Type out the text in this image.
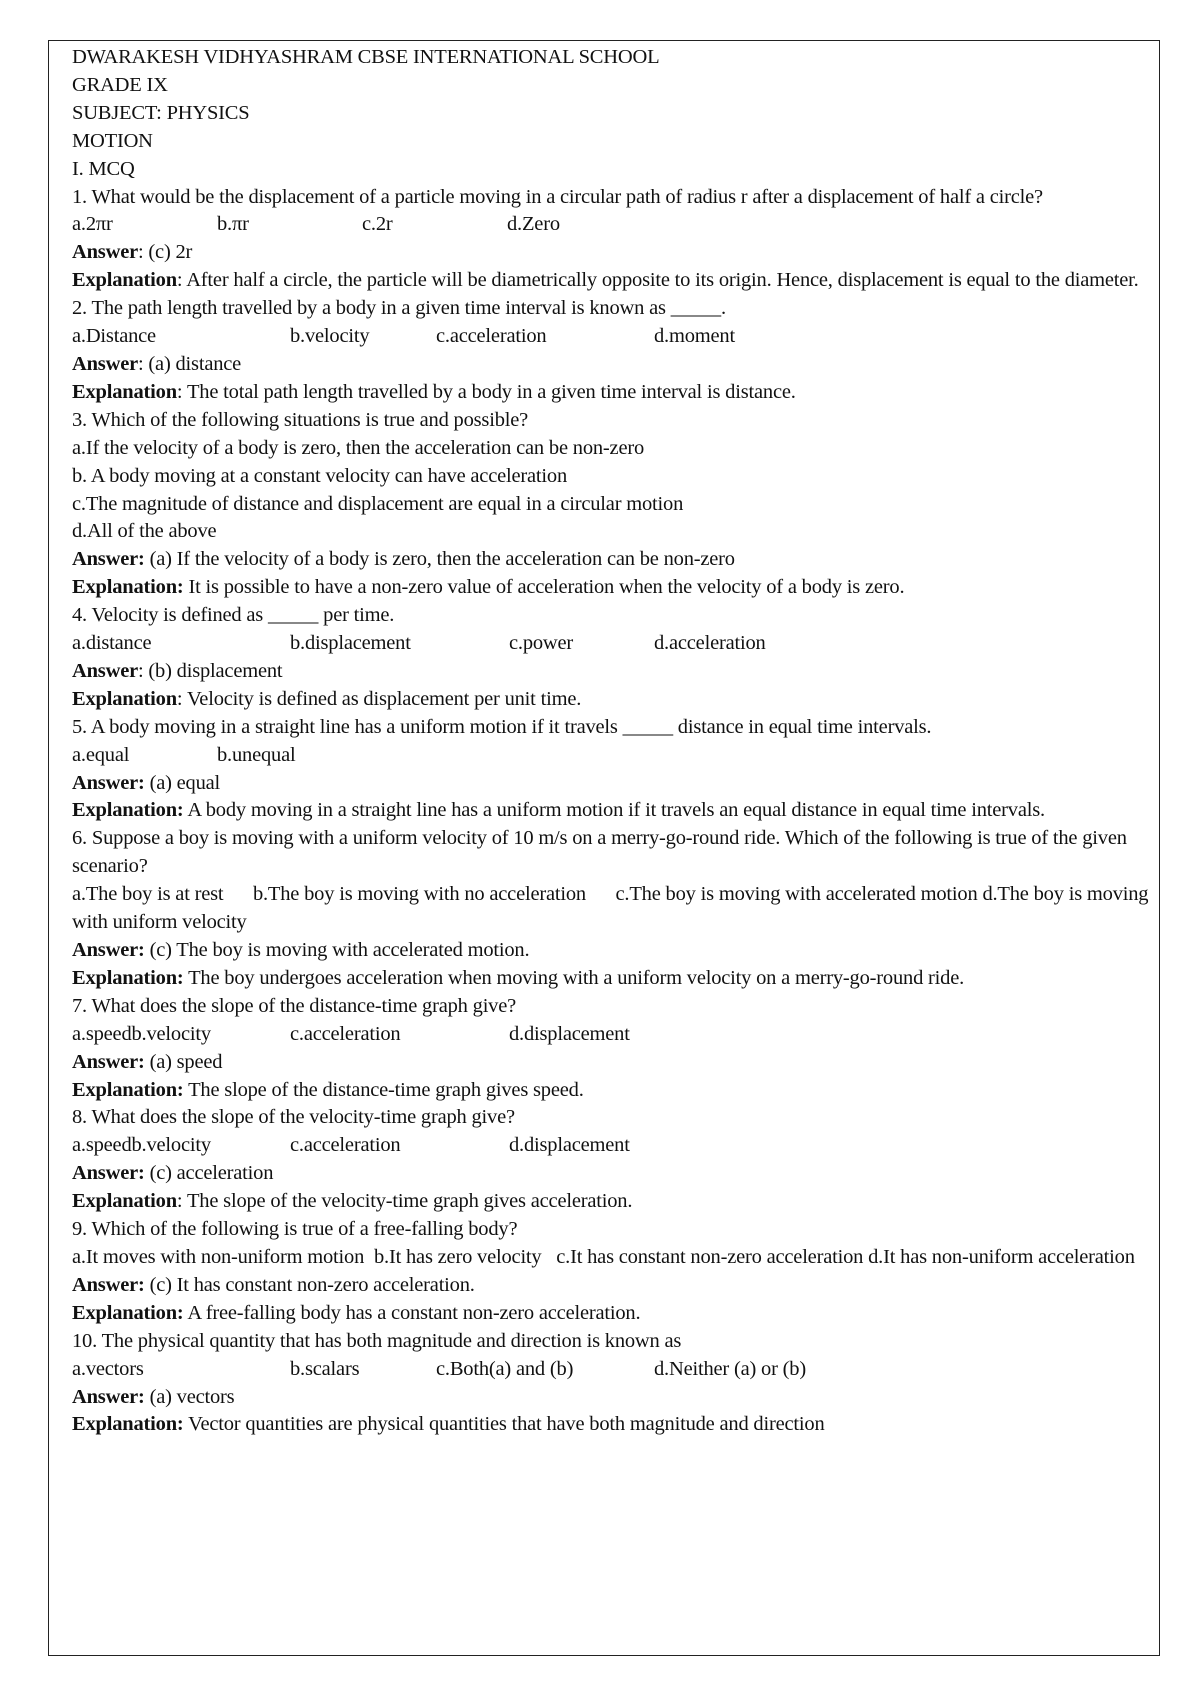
DWARAKESH VIDHYASHRAM CBSE INTERNATIONAL SCHOOL
GRADE IX
SUBJECT: PHYSICS
MOTION
I. MCQ
1. What would be the displacement of a particle moving in a circular path of radius r after a displacement of half a circle?
a.2πr	b.πr	c.2r	d.Zero
Answer: (c) 2r
Explanation: After half a circle, the particle will be diametrically opposite to its origin. Hence, displacement is equal to the diameter.
2. The path length travelled by a body in a given time interval is known as _____.
a.Distance	b.velocity	c.acceleration	d.moment
Answer: (a) distance
Explanation: The total path length travelled by a body in a given time interval is distance.
3. Which of the following situations is true and possible?
a.If the velocity of a body is zero, then the acceleration can be non-zero
b. A body moving at a constant velocity can have acceleration
c.The magnitude of distance and displacement are equal in a circular motion
d.All of the above
Answer: (a) If the velocity of a body is zero, then the acceleration can be non-zero
Explanation: It is possible to have a non-zero value of acceleration when the velocity of a body is zero.
4. Velocity is defined as _____ per time.
a.distance	b.displacement	c.power	d.acceleration
Answer: (b) displacement
Explanation: Velocity is defined as displacement per unit time.
5. A body moving in a straight line has a uniform motion if it travels _____ distance in equal time intervals.
a.equal	b.unequal
Answer: (a) equal
Explanation: A body moving in a straight line has a uniform motion if it travels an equal distance in equal time intervals.
6. Suppose a boy is moving with a uniform velocity of 10 m/s on a merry-go-round ride. Which of the following is true of the given scenario?
a.The boy is at rest      b.The boy is moving with no acceleration      c.The boy is moving with accelerated motion d.The boy is moving with uniform velocity
Answer: (c) The boy is moving with accelerated motion.
Explanation: The boy undergoes acceleration when moving with a uniform velocity on a merry-go-round ride.
7. What does the slope of the distance-time graph give?
a.speedb.velocity	c.acceleration	d.displacement
Answer: (a) speed
Explanation: The slope of the distance-time graph gives speed.
8. What does the slope of the velocity-time graph give?
a.speedb.velocity	c.acceleration	d.displacement
Answer: (c) acceleration
Explanation: The slope of the velocity-time graph gives acceleration.
9. Which of the following is true of a free-falling body?
a.It moves with non-uniform motion  b.It has zero velocity   c.It has constant non-zero acceleration d.It has non-uniform acceleration
Answer: (c) It has constant non-zero acceleration.
Explanation: A free-falling body has a constant non-zero acceleration.
10. The physical quantity that has both magnitude and direction is known as
a.vectors	b.scalars	c.Both(a) and (b)	d.Neither (a) or (b)
Answer: (a) vectors
Explanation: Vector quantities are physical quantities that have both magnitude and direction
